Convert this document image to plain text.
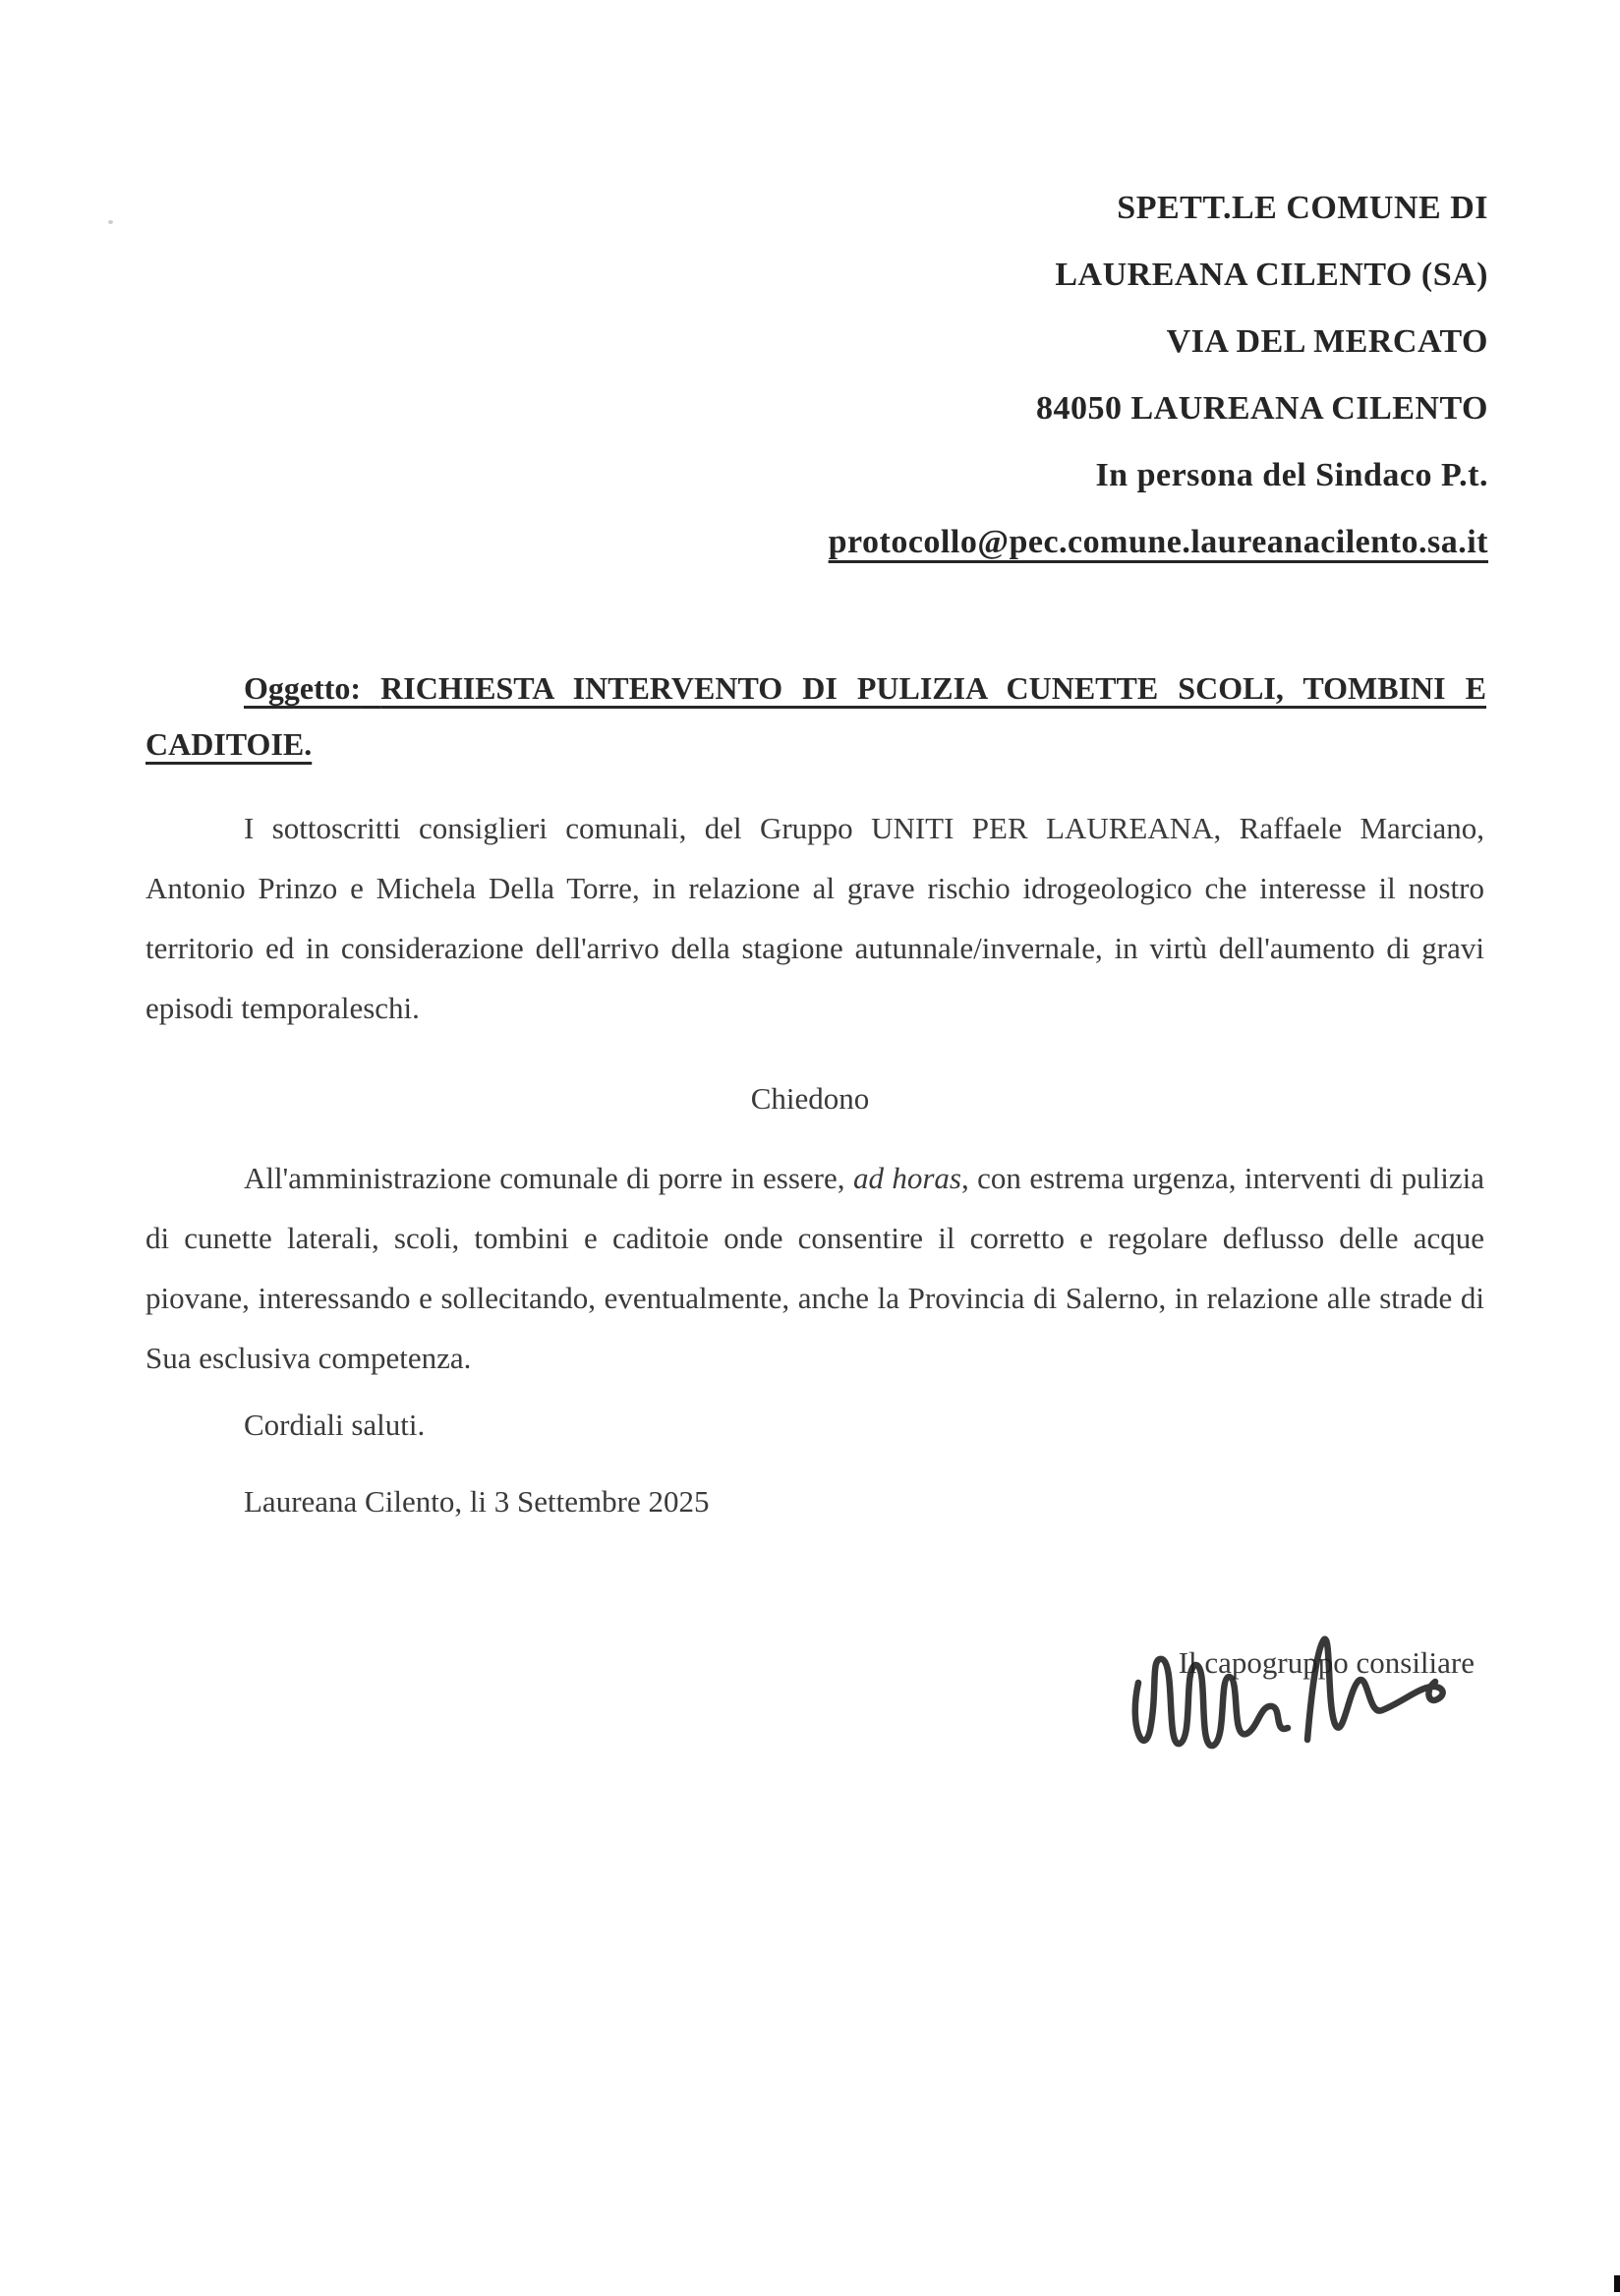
SPETT.LE COMUNE DI
LAUREANA CILENTO (SA)
VIA DEL MERCATO
84050 LAUREANA CILENTO
In persona del Sindaco P.t.
protocollo@pec.comune.laureanacilento.sa.it

Oggetto: RICHIESTA INTERVENTO DI PULIZIA CUNETTE SCOLI, TOMBINI E CADITOIE.

I sottoscritti consiglieri comunali, del Gruppo UNITI PER LAUREANA, Raffaele Marciano, Antonio Prinzo e Michela Della Torre, in relazione al grave rischio idrogeologico che interesse il nostro territorio ed in considerazione dell'arrivo della stagione autunnale/invernale, in virtù dell'aumento di gravi episodi temporaleschi.

Chiedono

All'amministrazione comunale di porre in essere, ad horas, con estrema urgenza, interventi di pulizia di cunette laterali, scoli, tombini e caditoie onde consentire il corretto e regolare deflusso delle acque piovane, interessando e sollecitando, eventualmente, anche la Provincia di Salerno, in relazione alle strade di Sua esclusiva competenza.

Cordiali saluti.

Laureana Cilento, li 3 Settembre 2025

Il capogruppo consiliare
